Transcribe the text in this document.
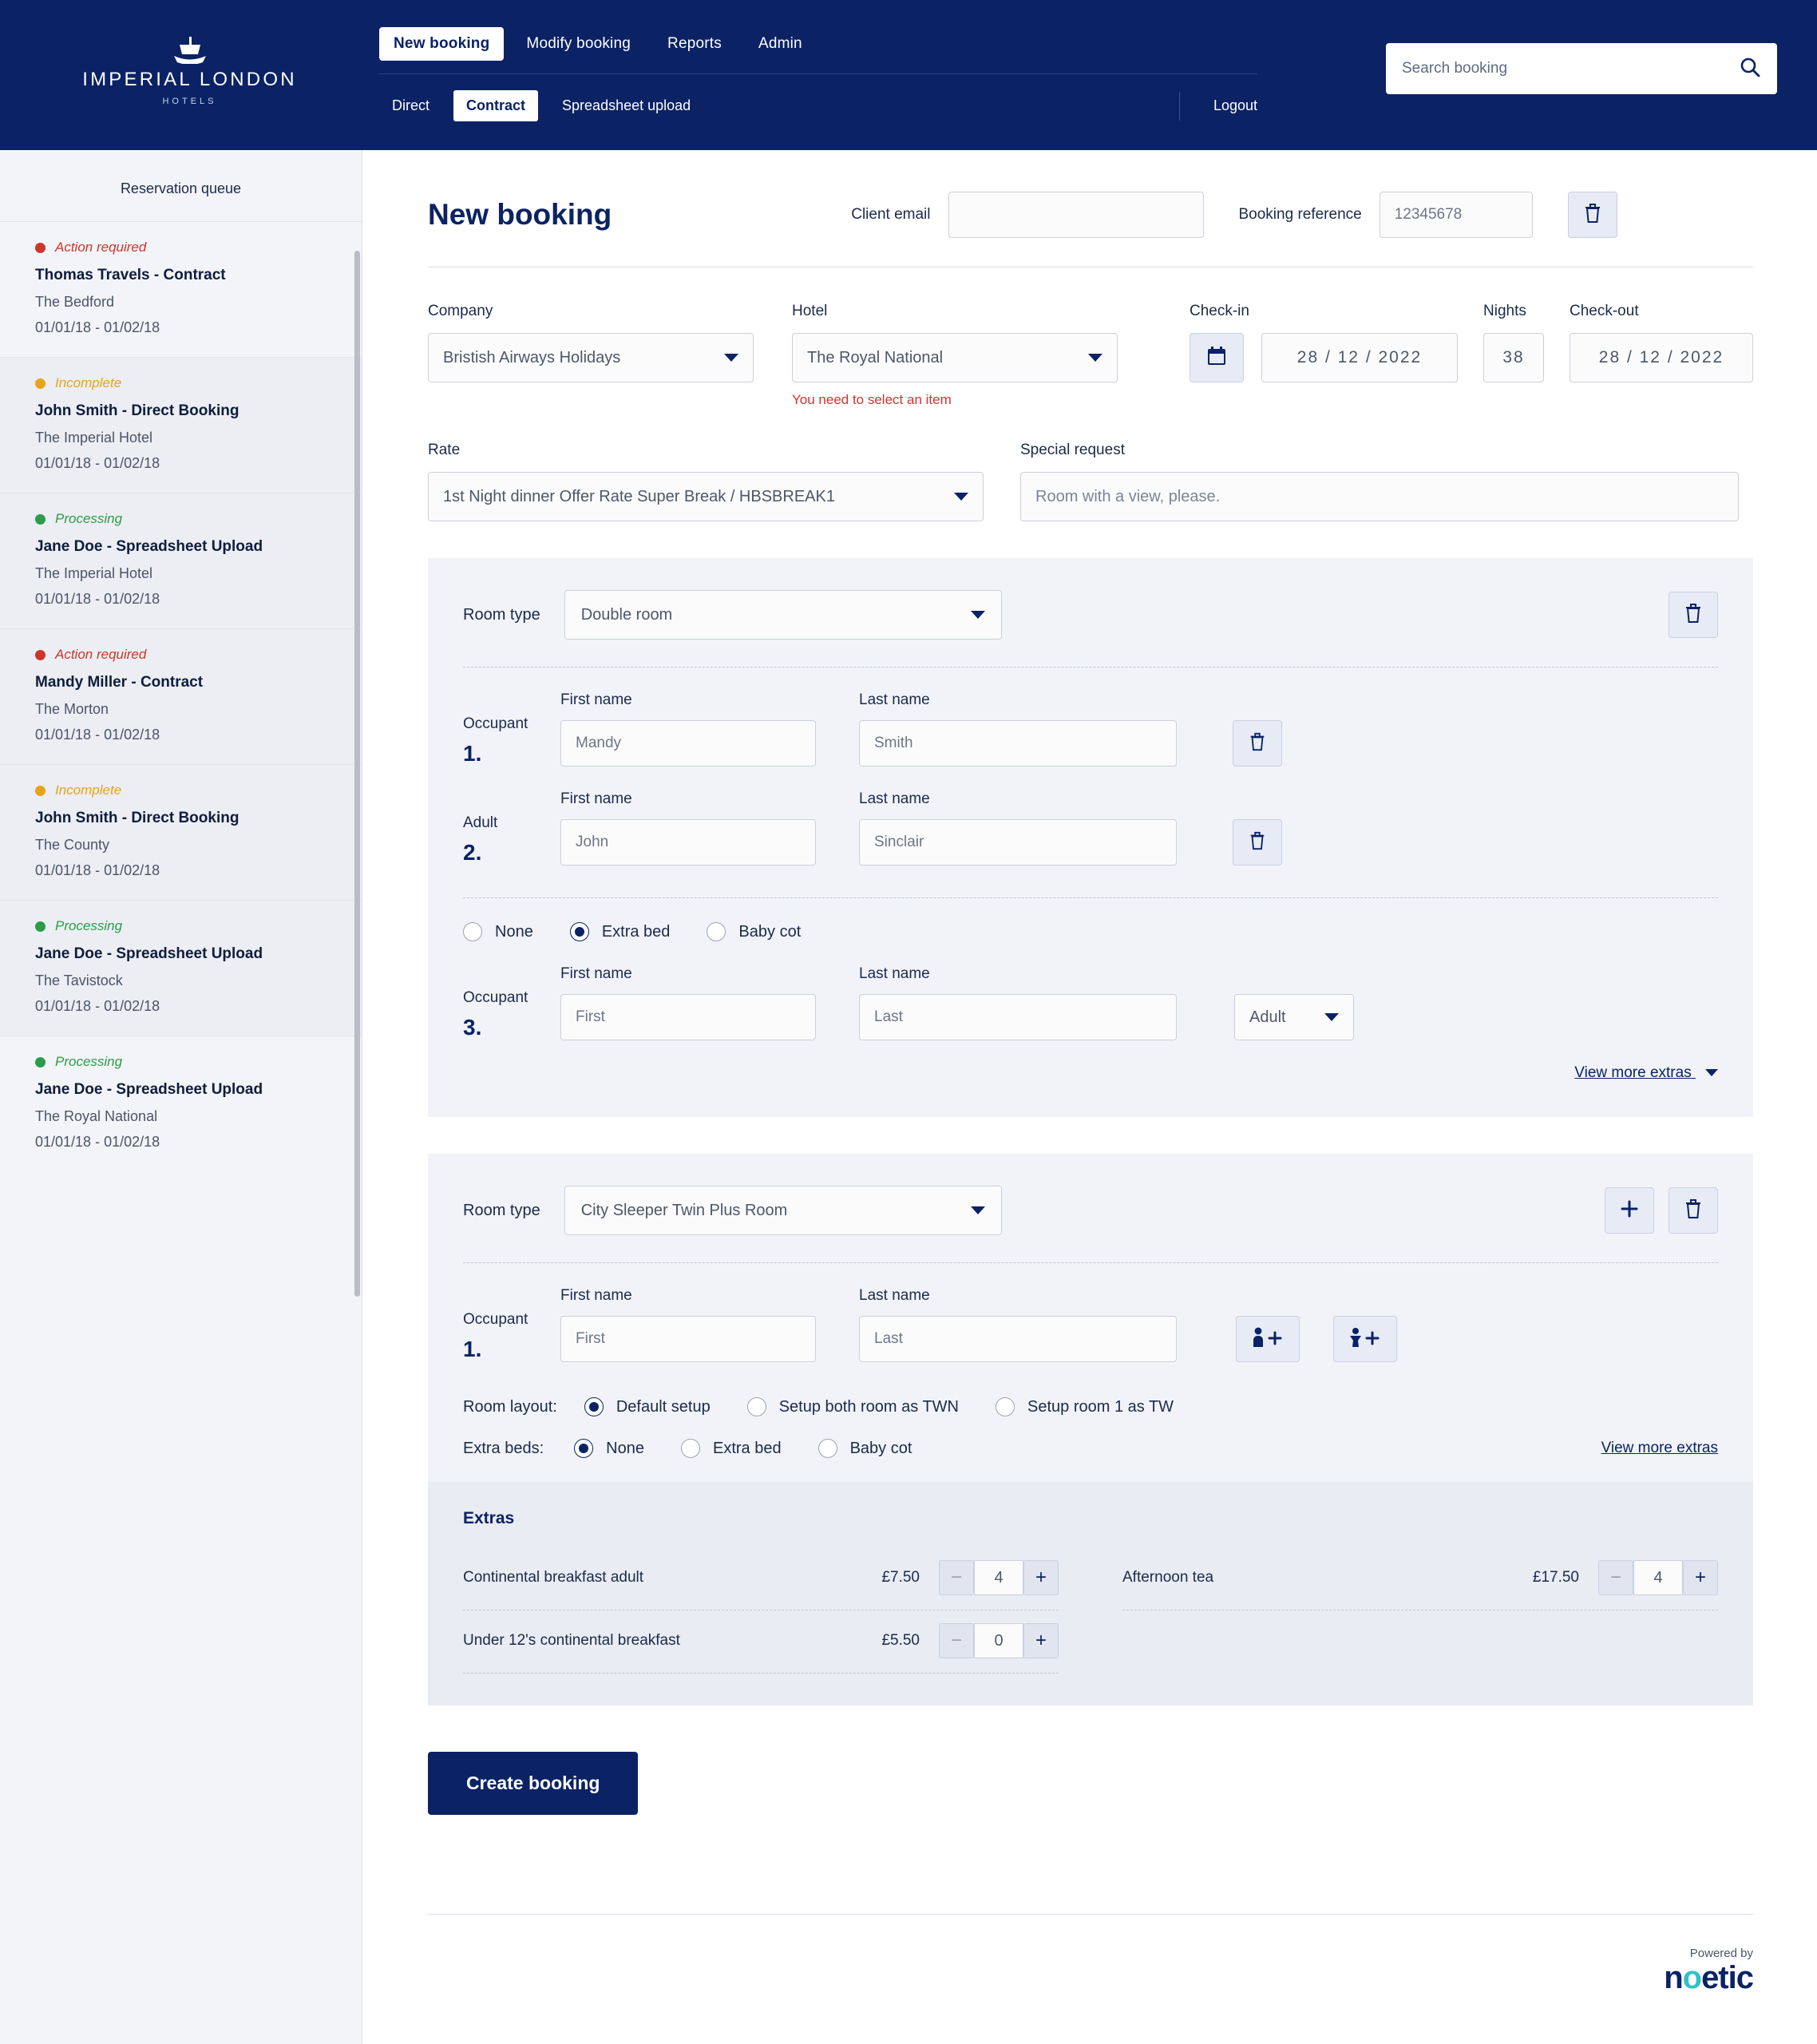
IMPERIAL LONDON
HOTELS
New booking	Modify booking	Reports	Admin
Direct	Contract	Spreadsheet upload	Logout
Search booking
Reservation queue
Action required
Thomas Travels - Contract
The Bedford
01/01/18 - 01/02/18
Incomplete
John Smith - Direct Booking
The Imperial Hotel
01/01/18 - 01/02/18
Processing
Jane Doe - Spreadsheet Upload
The Imperial Hotel
01/01/18 - 01/02/18
Action required
Mandy Miller - Contract
The Morton
01/01/18 - 01/02/18
Incomplete
John Smith - Direct Booking
The County
01/01/18 - 01/02/18
Processing
Jane Doe - Spreadsheet Upload
The Tavistock
01/01/18 - 01/02/18
Processing
Jane Doe - Spreadsheet Upload
The Royal National
01/01/18 - 01/02/18
New booking	Client email	Booking reference
12345678
Company
Bristish Airways Holidays
Hotel
The Royal National
You need to select an item
Check-in
28 / 12 / 2022
Nights
38
Check-out
28 / 12 / 2022
Rate
1st Night dinner Offer Rate Super Break / HBSBREAK1
Special request
Room with a view, please.
Room type	Double room
Occupant
1.
First name
Mandy	Last name
Smith
Adult
2.
First name
John	Last name
Sinclair
None	Extra bed	Baby cot
Occupant
3.
First name
First	Last name
Last
Adult
View more extras
Room type	City Sleeper Twin Plus Room
Occupant
1.
First name
First	Last name
Last
Room layout:	Default setup	Setup both room as TWN	Setup room 1 as TW
Extra beds:	None	Extra bed	Baby cot	View more extras
Extras
Continental breakfast adult	£7.50	−	4	+
Under 12's continental breakfast	£5.50	−	0	+
Afternoon tea	£17.50	−	4	+
Create booking
Powered by
noetic
